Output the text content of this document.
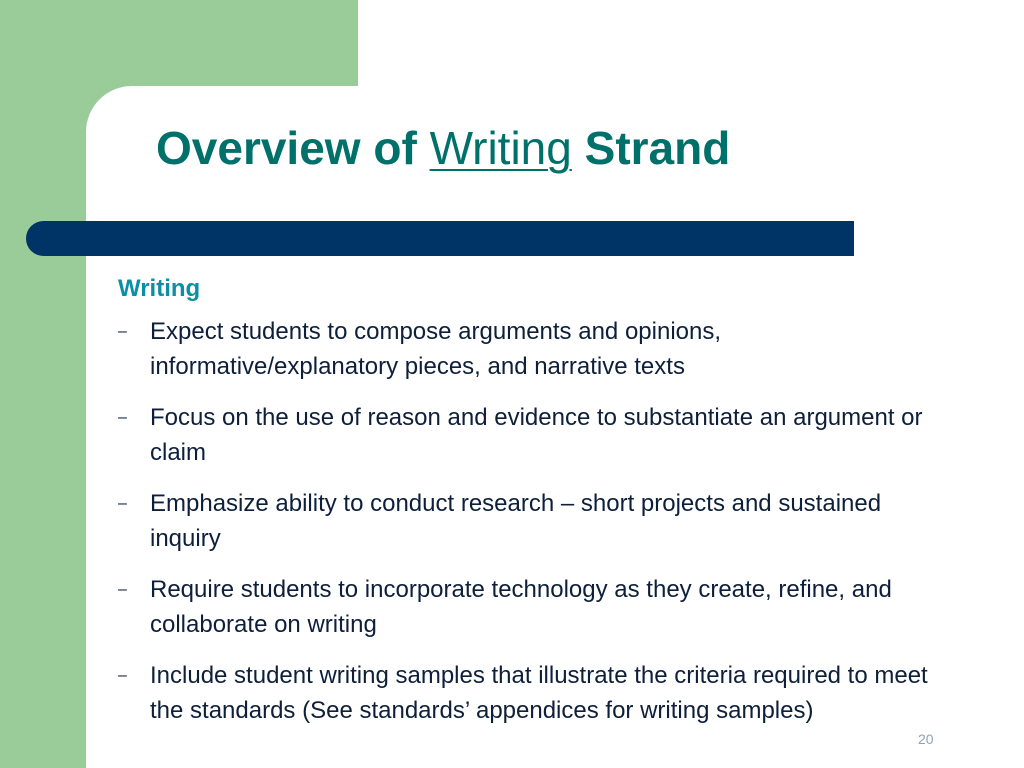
Overview of Writing Strand
Writing
– Expect students to compose arguments and opinions, informative/explanatory pieces, and narrative texts
– Focus on the use of reason and evidence to substantiate an argument or claim
– Emphasize ability to conduct research – short projects and sustained inquiry
– Require students to incorporate technology as they create, refine, and collaborate on writing
– Include student writing samples that illustrate the criteria required to meet the standards (See standards’ appendices for writing samples)
20
